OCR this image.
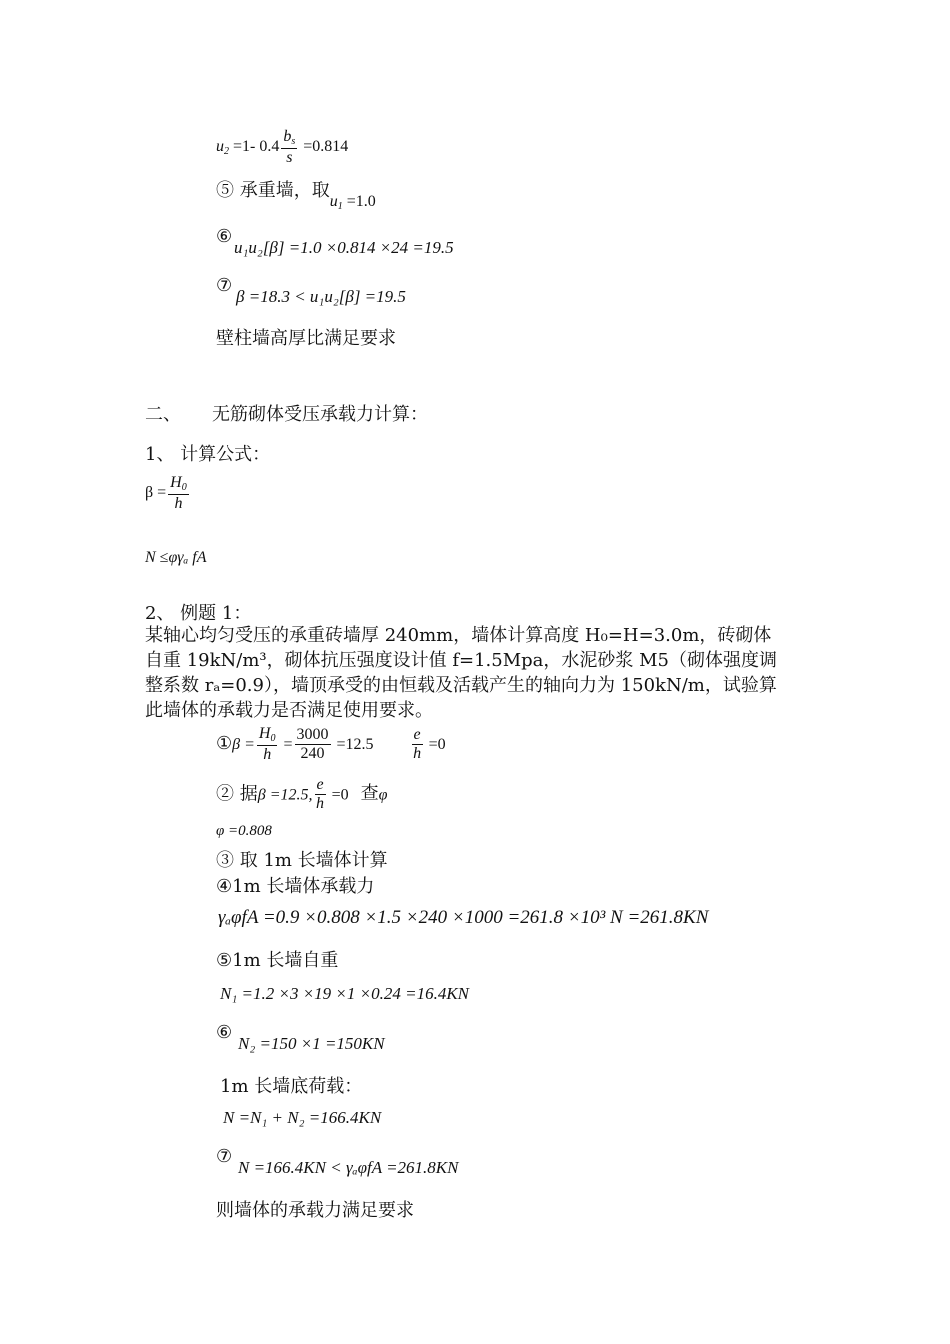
$u_2 =1-$ $0.4 \frac{b_s}{s} =0.814$
⑤ 承重墙，取$u_1 =1.0$
⑥
u₁u₂[β] =1.0 ×0.814 ×24 =19.5
⑦
β =18.3 < u₁u₂[β] =19.5
壁柱墙高厚比满足要求
二、 无筋砌体受压承载力计算：
1、 计算公式：
$\beta = \frac{H_0}{h}$
N ≤φγₐ fA
2、 例题 1：
某轴心均匀受压的承重砖墙厚 240mm，墙体计算高度 H₀=H=3.0m，砖砌体自重 19kN/m³，砌体抗压强度设计值 f=1.5Mpa，水泥砂浆 M5（砌体强度调整系数 rₐ=0.9），墙顶承受的由恒载及活载产生的轴向力为 150kN/m，试验算此墙体的承载力是否满足使用要求。
①β = $\frac{H_0}{h} = \frac{3000}{240} =12.5 \frac{e}{h} =0$
② 据β =12.5, $\frac{e}{h} =0$ 查φ
φ =0.808
③ 取 1m 长墙体计算
④1m 长墙体承载力
γₐφfA =0.9 ×0.808 ×1.5 ×240 ×1000 =261.8 ×10³ N =261.8KN
⑤1m 长墙自重
N₁ =1.2 ×3 ×19 ×1 ×0.24 =16.4KN
⑥
N₂ =150 ×1 =150KN
1m 长墙底荷载：
N =N₁ + N₂ =166.4KN
⑦
N =166.4KN < γₐφfA =261.8KN
则墙体的承载力满足要求
